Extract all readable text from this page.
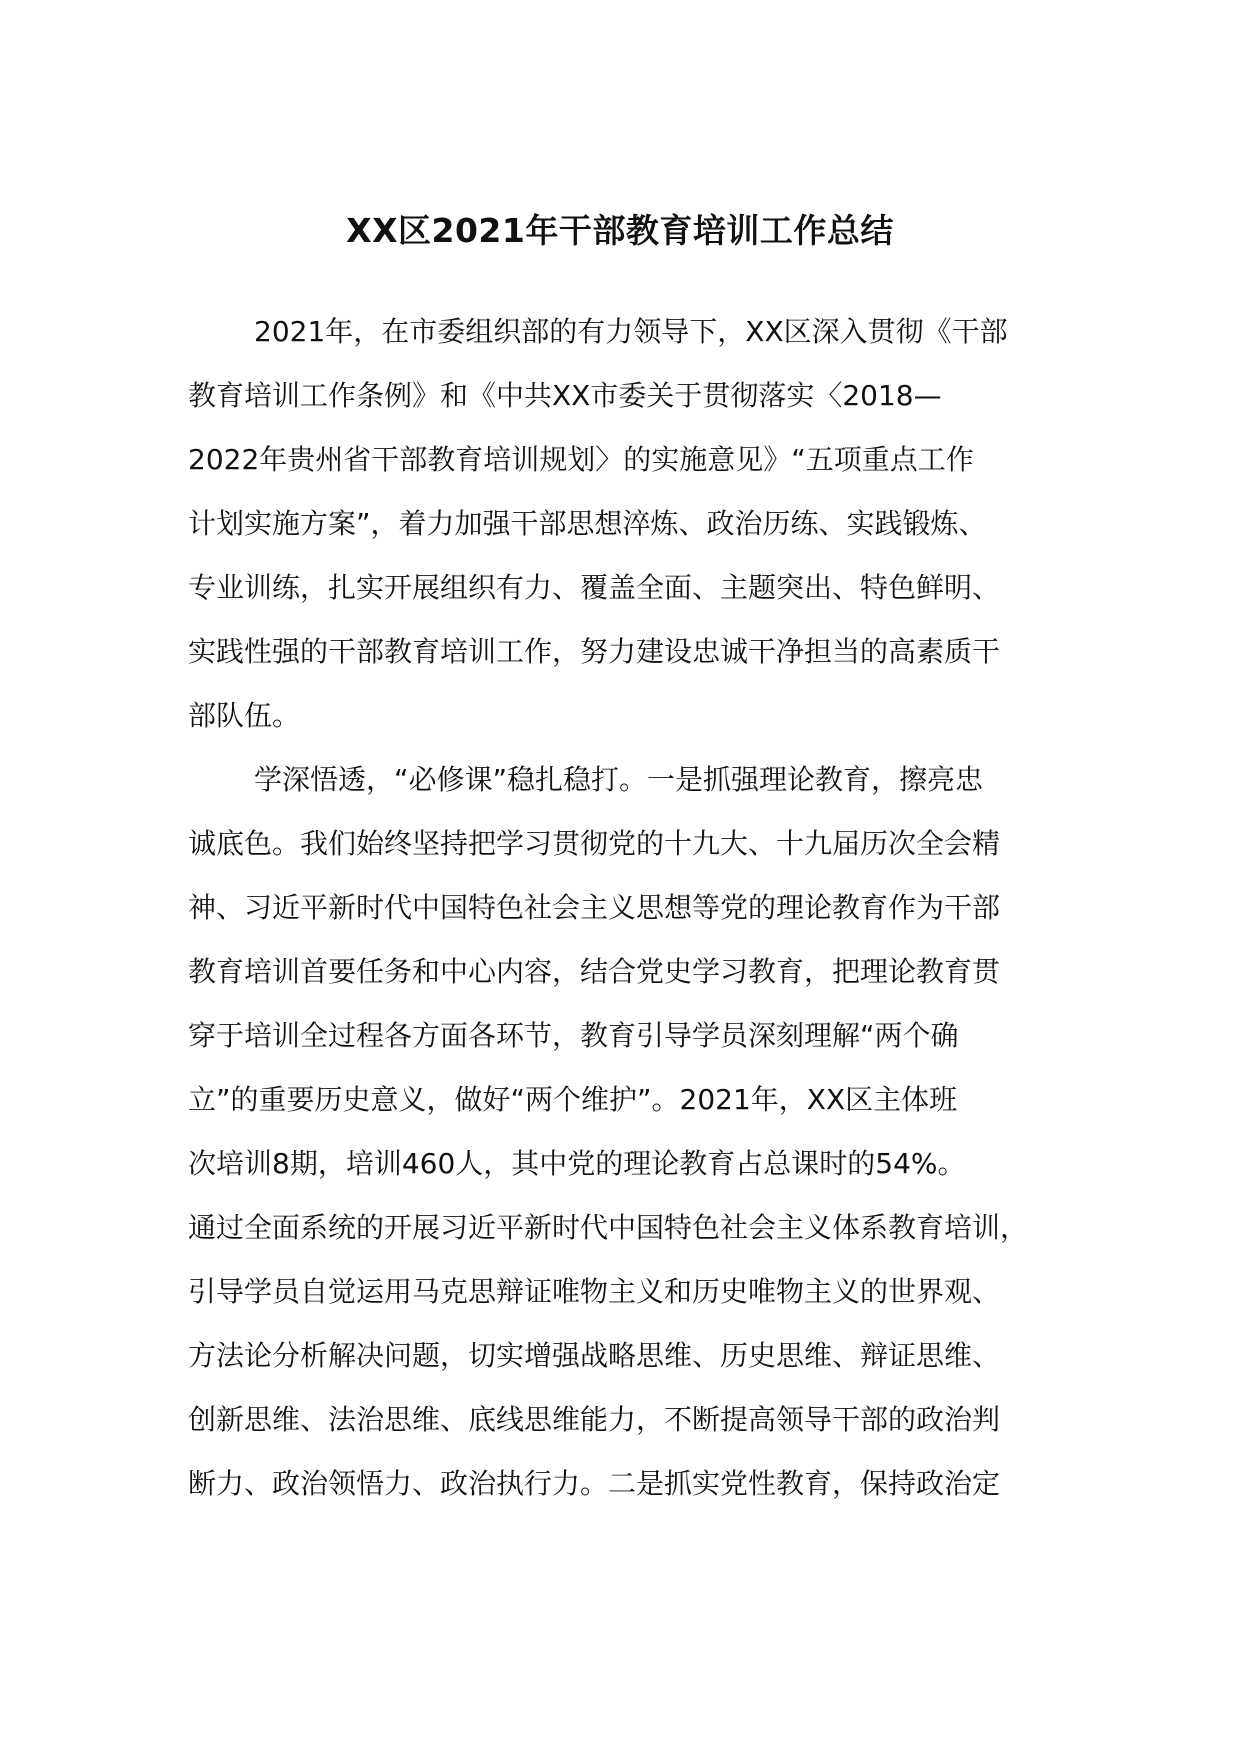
XX区2021年干部教育培训工作总结
2021年，在市委组织部的有力领导下，XX区深入贯彻《干部
教育培训工作条例》和《中共XX市委关于贯彻落实〈2018—
2022年贵州省干部教育培训规划〉的实施意见》“五项重点工作
计划实施方案”，着力加强干部思想淬炼、政治历练、实践锻炼、
专业训练，扎实开展组织有力、覆盖全面、主题突出、特色鲜明、
实践性强的干部教育培训工作，努力建设忠诚干净担当的高素质干
部队伍。
学深悟透，“必修课”稳扎稳打。一是抓强理论教育，擦亮忠
诚底色。我们始终坚持把学习贯彻党的十九大、十九届历次全会精
神、习近平新时代中国特色社会主义思想等党的理论教育作为干部
教育培训首要任务和中心内容，结合党史学习教育，把理论教育贯
穿于培训全过程各方面各环节，教育引导学员深刻理解“两个确
立”的重要历史意义，做好“两个维护”。2021年，XX区主体班
次培训8期，培训460人，其中党的理论教育占总课时的54%。
通过全面系统的开展习近平新时代中国特色社会主义体系教育培训，
引导学员自觉运用马克思辩证唯物主义和历史唯物主义的世界观、
方法论分析解决问题，切实增强战略思维、历史思维、辩证思维、
创新思维、法治思维、底线思维能力，不断提高领导干部的政治判
断力、政治领悟力、政治执行力。二是抓实党性教育，保持政治定
